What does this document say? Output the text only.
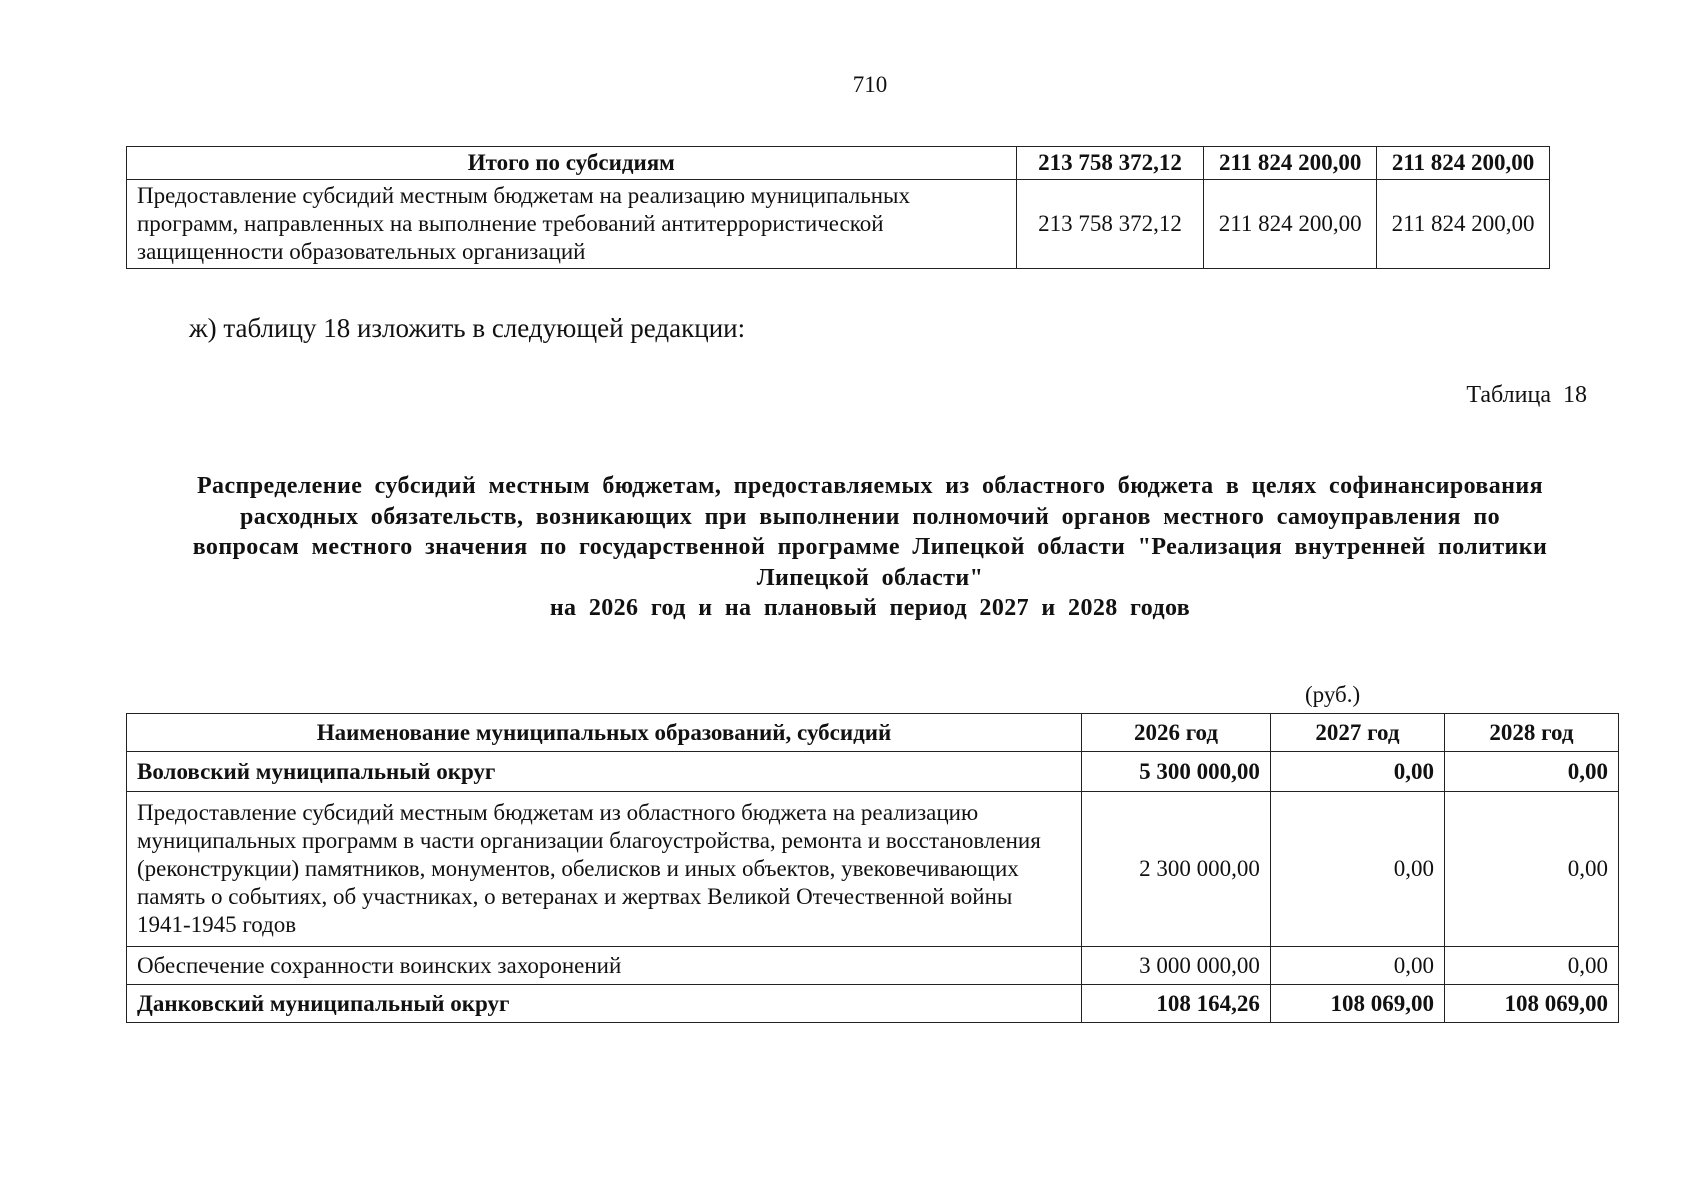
710
Итого по субсидиям	213 758 372,12	211 824 200,00	211 824 200,00
Предоставление субсидий местным бюджетам на реализацию муниципальных программ, направленных на выполнение требований антитеррористической защищенности образовательных организаций	213 758 372,12	211 824 200,00	211 824 200,00
ж) таблицу 18 изложить в следующей редакции:
Таблица 18
Распределение субсидий местным бюджетам, предоставляемых из областного бюджета в целях софинансирования
расходных обязательств, возникающих при выполнении полномочий органов местного самоуправления по
вопросам местного значения по государственной программе Липецкой области "Реализация внутренней политики
Липецкой области"
на 2026 год и на плановый период 2027 и 2028 годов
(руб.)
Наименование муниципальных образований, субсидий	2026 год	2027 год	2028 год
Воловский муниципальный округ	5 300 000,00	0,00	0,00
Предоставление субсидий местным бюджетам из областного бюджета на реализацию муниципальных программ в части организации благоустройства, ремонта и восстановления (реконструкции) памятников, монументов, обелисков и иных объектов, увековечивающих память о событиях, об участниках, о ветеранах и жертвах Великой Отечественной войны 1941-1945 годов	2 300 000,00	0,00	0,00
Обеспечение сохранности воинских захоронений	3 000 000,00	0,00	0,00
Данковский муниципальный округ	108 164,26	108 069,00	108 069,00
